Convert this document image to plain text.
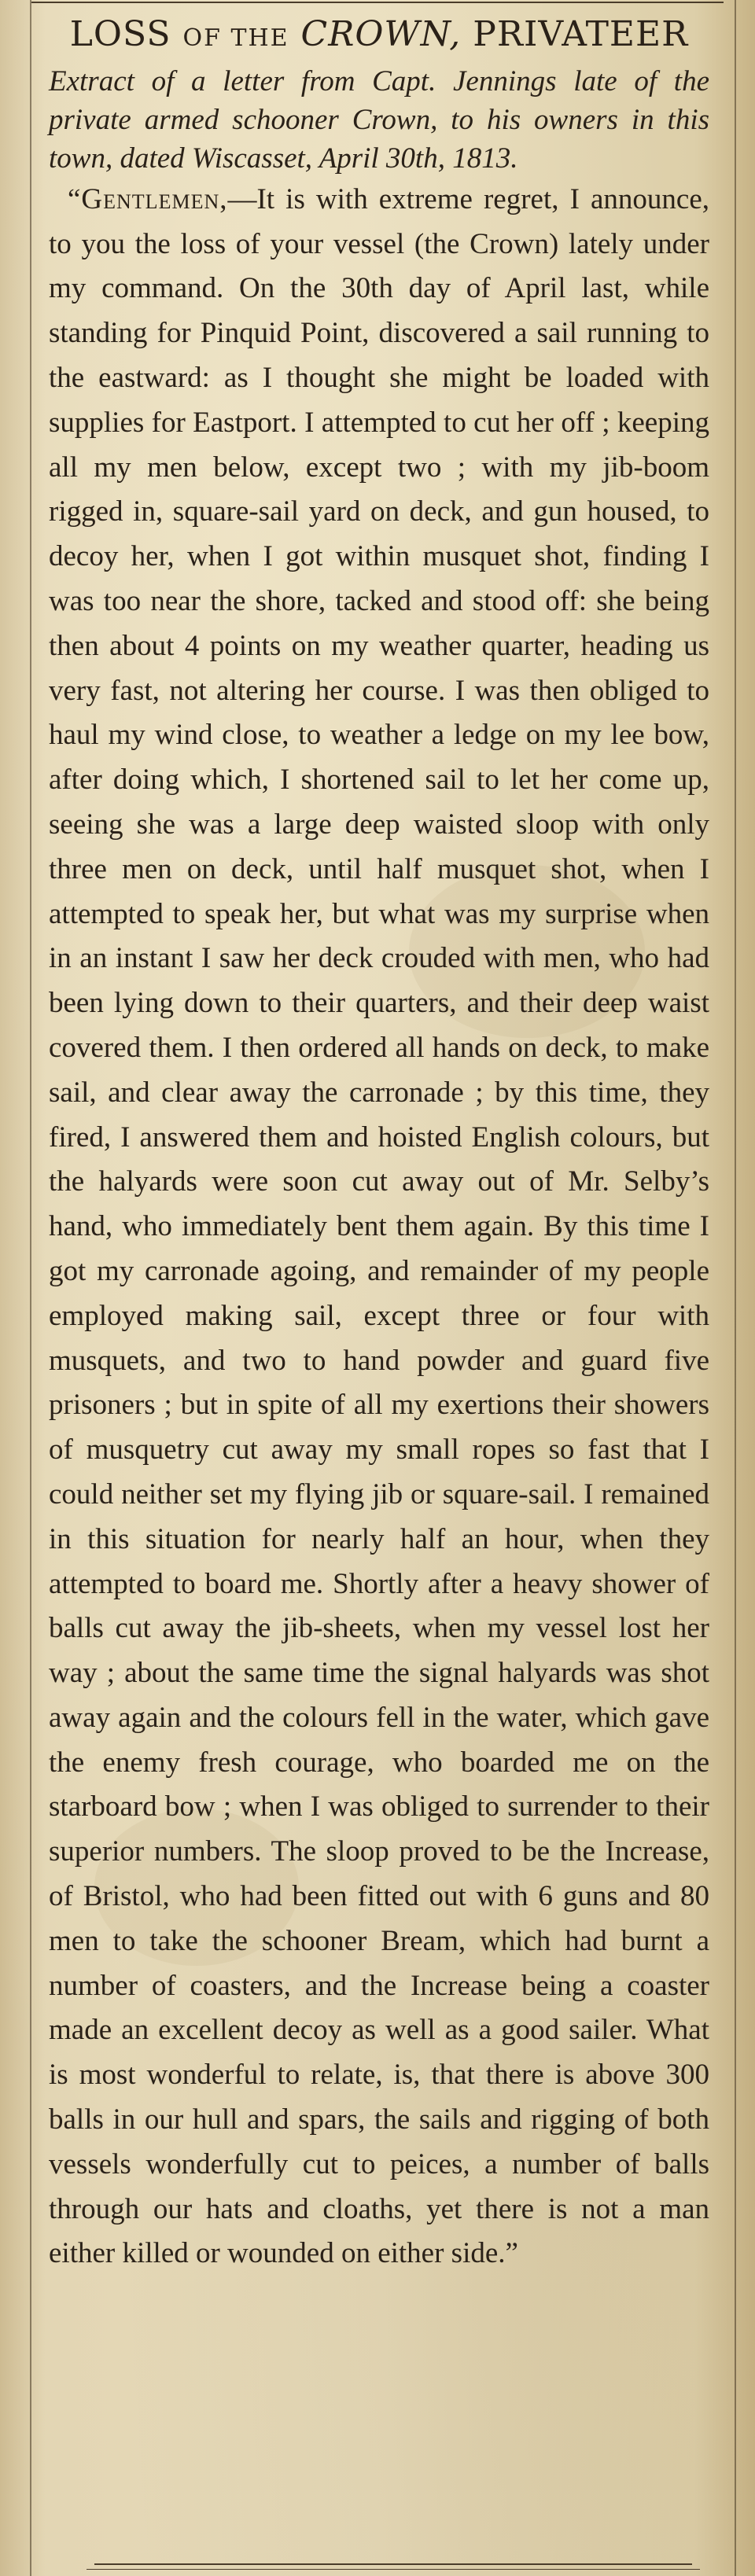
LOSS OF THE CROWN, PRIVATEER

Extract of a letter from Capt. Jennings late of the private armed schooner Crown, to his owners in this town, dated Wiscasset, April 30th, 1813.

“Gentlemen,—It is with extreme regret, I announce, to you the loss of your vessel (the Crown) lately under my command. On the 30th day of April last, while standing for Pinquid Point, discovered a sail running to the eastward: as I thought she might be loaded with supplies for Eastport. I attempted to cut her off ; keeping all my men below, except two ; with my jib-boom rigged in, square-sail yard on deck, and gun housed, to decoy her, when I got within musquet shot, finding I was too near the shore, tacked and stood off: she being then about 4 points on my weather quarter, heading us very fast, not altering her course. I was then obliged to haul my wind close, to weather a ledge on my lee bow, after doing which, I shortened sail to let her come up, seeing she was a large deep waisted sloop with only three men on deck, until half musquet shot, when I attempted to speak her, but what was my surprise when in an instant I saw her deck crouded with men, who had been lying down to their quarters, and their deep waist covered them. I then ordered all hands on deck, to make sail, and clear away the carronade ; by this time, they fired, I answered them and hoisted English colours, but the halyards were soon cut away out of Mr. Selby’s hand, who immediately bent them again. By this time I got my carronade agoing, and remainder of my people employed making sail, except three or four with musquets, and two to hand powder and guard five prisoners ; but in spite of all my exertions their showers of musquetry cut away my small ropes so fast that I could neither set my flying jib or square-sail. I remained in this situation for nearly half an hour, when they attempted to board me. Shortly after a heavy shower of balls cut away the jib-sheets, when my vessel lost her way ; about the same time the signal halyards was shot away again and the colours fell in the water, which gave the enemy fresh courage, who boarded me on the starboard bow ; when I was obliged to surrender to their superior numbers. The sloop proved to be the Increase, of Bristol, who had been fitted out with 6 guns and 80 men to take the schooner Bream, which had burnt a number of coasters, and the Increase being a coaster made an excellent decoy as well as a good sailer. What is most wonderful to relate, is, that there is above 300 balls in our hull and spars, the sails and rigging of both vessels wonderfully cut to peices, a number of balls through our hats and cloaths, yet there is not a man either killed or wounded on either side.”
